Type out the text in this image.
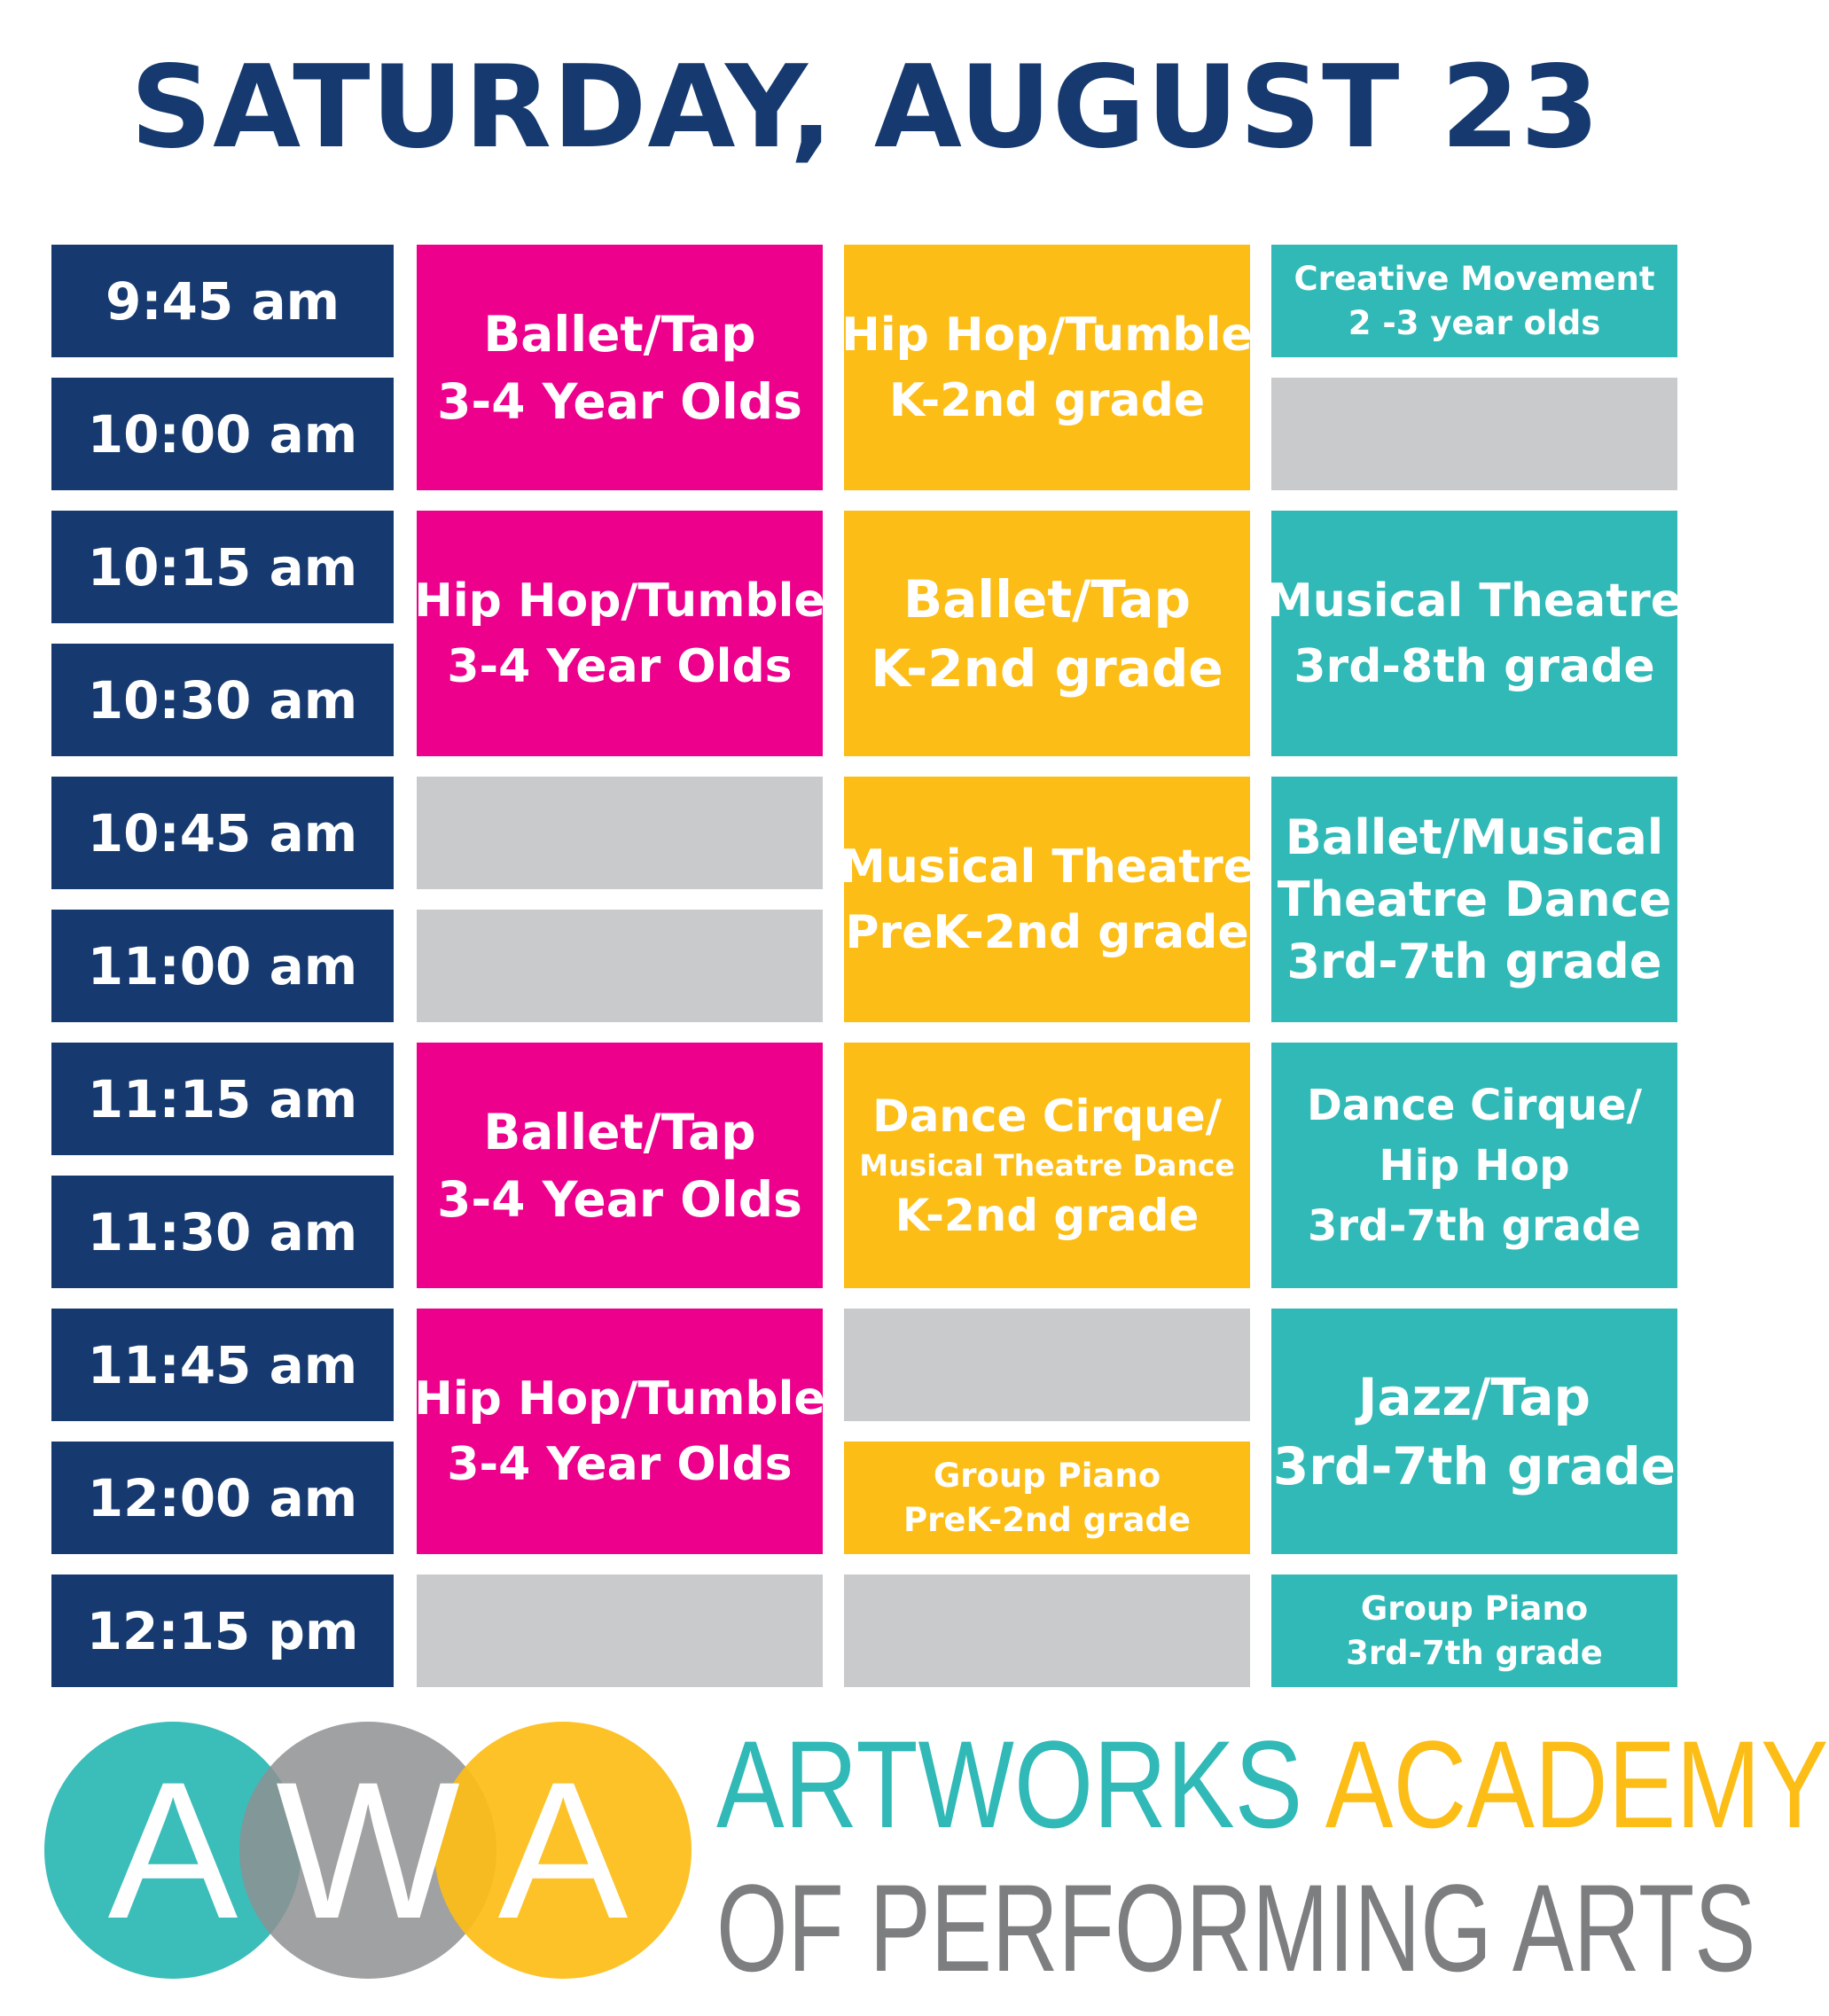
SATURDAY, AUGUST 23
9:45 am
10:00 am
10:15 am
10:30 am
10:45 am
11:00 am
11:15 am
11:30 am
11:45 am
12:00 am
12:15 pm
Ballet/Tap
3-4 Year Olds
Hip Hop/Tumble
3-4 Year Olds
Ballet/Tap
3-4 Year Olds
Hip Hop/Tumble
3-4 Year Olds
Hip Hop/Tumble
K-2nd grade
Ballet/Tap
K-2nd grade
Musical Theatre
PreK-2nd grade
Dance Cirque/
Musical Theatre Dance
K-2nd grade
Group Piano
PreK-2nd grade
Creative Movement
2 -3 year olds
Musical Theatre
3rd-8th grade
Ballet/Musical
Theatre Dance
3rd-7th grade
Dance Cirque/
Hip Hop
3rd-7th grade
Jazz/Tap
3rd-7th grade
Group Piano
3rd-7th grade
A W A ARTWORKS ACADEMY
OF PERFORMING ARTS
